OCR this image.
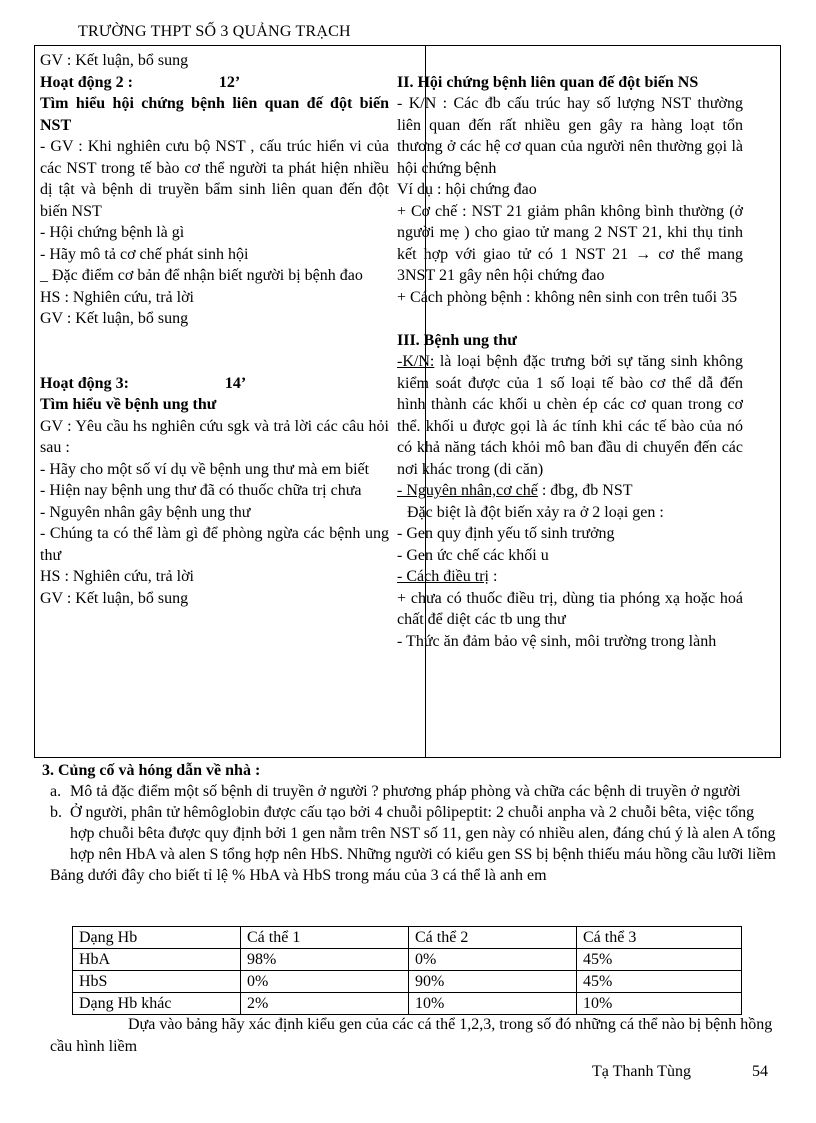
TRƯỜNG THPT SỐ 3 QUẢNG TRẠCH

GV : Kết luận, bổ sung

Hoạt động 2 :	12’

Tìm hiểu hội chứng bệnh liên quan đế đột biến NST

- GV : Khi nghiên cưu bộ NST , cấu trúc hiển vi của các NST trong tế bào cơ thể người ta phát hiện nhiều dị tật và bệnh di truyền bẩm sinh liên quan đến đột biến NST

- Hội chứng bệnh là gì

- Hãy mô tả cơ chế phát sinh hội

_ Đặc điểm cơ bản để nhận biết người bị bệnh đao

HS : Nghiên cứu, trả lời

GV : Kết luận, bổ sung

Hoạt động 3:	14’

Tìm hiểu về bệnh ung thư

GV : Yêu cầu hs nghiên cứu sgk và trả lời các câu hỏi sau :

- Hãy cho một số ví dụ về bệnh ung thư mà em biết

- Hiện nay bệnh ung thư đã có thuốc chữa trị chưa

- Nguyên nhân gây bệnh ung thư

- Chúng ta có thể làm gì để phòng ngừa các bệnh ung thư

HS : Nghiên cứu, trả lời

GV : Kết luận, bổ sung

II. Hội chứng bệnh liên quan đế đột biến NS

- K/N : Các đb cấu trúc hay số lượng NST thường liên quan đến rất nhiều gen gây ra hàng loạt tổn thương ở các hệ cơ quan của người nên thường gọi là hội chứng bệnh

Ví dụ : hội chứng đao

+ Cơ chế : NST 21 giảm phân không bình thường (ở người mẹ ) cho giao tử mang 2 NST 21, khi thụ tinh kết hợp với giao tử có 1 NST 21 → cơ thể mang 3NST 21 gây nên hội chứng đao

+ Cách phòng bệnh : không nên sinh con trên tuổi 35

III. Bệnh ung thư

-K/N: là loại bệnh đặc trưng bởi sự tăng sinh không kiểm soát được của 1 số loại tế bào cơ thể dẫ đến hình thành các khối u chèn ép các cơ quan trong cơ thể. khối u được gọi là ác tính khi các tế bào của nó có khả năng tách khỏi mô ban đầu di chuyển đến các nơi khác trong (di căn)

- Nguyên nhân,cơ chế : đbg, đb NST

Đặc biệt là đột biến xảy ra ở 2 loại gen :

- Gen quy định yếu tố sinh trưởng

- Gen ức chế các khối u

- Cách điều trị :

+ chưa có thuốc điều trị, dùng tia phóng xạ hoặc hoá chất để diệt các tb ung thư

- Thức ăn đảm bảo vệ sinh, môi trường trong lành

3. Củng cố và hóng dẫn về nhà :

a. Mô tả đặc điểm một số bệnh di truyền ở người ? phương pháp phòng và chữa các bệnh di truyền ở người
b. Ở người, phân tử hêmôglobin được cấu tạo bởi 4 chuỗi pôlipeptit: 2 chuỗi anpha và 2 chuỗi bêta, việc tổng hợp chuỗi bêta được quy định bởi 1 gen nằm trên NST số 11, gen này có nhiều alen, đáng chú ý là alen A tổng hợp nên HbA và alen S tổng hợp nên HbS. Những người có kiểu gen SS bị bệnh thiếu máu hồng cầu lưỡi liềm

Bảng dưới đây cho biết tỉ lệ % HbA và HbS trong máu của 3 cá thể là anh em

Dạng Hb	Cá thể 1	Cá thể 2	Cá thể 3
HbA	98%	0%	45%
HbS	0%	90%	45%
Dạng Hb khác	2%	10%	10%

Dựa vào bảng hãy xác định kiểu gen của các cá thể 1,2,3, trong số đó những cá thể nào bị bệnh hồng cầu hình liềm

Tạ Thanh Tùng	54
